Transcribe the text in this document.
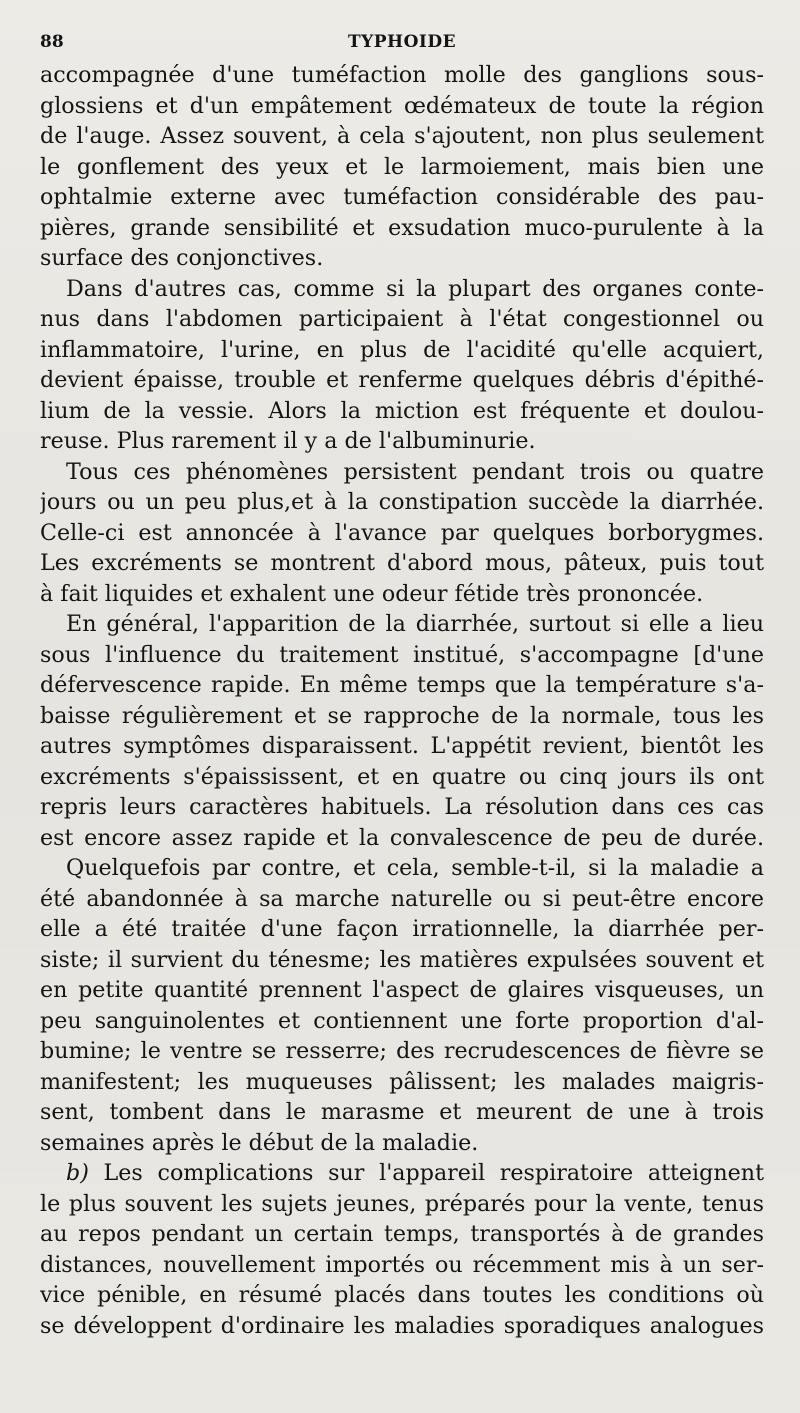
88	TYPHOIDE
accompagnée d'une tuméfaction molle des ganglions sous-
glossiens et d'un empâtement œdémateux de toute la région
de l'auge. Assez souvent, à cela s'ajoutent, non plus seulement
le gonflement des yeux et le larmoiement, mais bien une
ophtalmie externe avec tuméfaction considérable des pau-
pières, grande sensibilité et exsudation muco-purulente à la
surface des conjonctives.
Dans d'autres cas, comme si la plupart des organes conte-
nus dans l'abdomen participaient à l'état congestionnel ou
inflammatoire, l'urine, en plus de l'acidité qu'elle acquiert,
devient épaisse, trouble et renferme quelques débris d'épithé-
lium de la vessie. Alors la miction est fréquente et doulou-
reuse. Plus rarement il y a de l'albuminurie.
Tous ces phénomènes persistent pendant trois ou quatre
jours ou un peu plus,et à la constipation succède la diarrhée.
Celle-ci est annoncée à l'avance par quelques borborygmes.
Les excréments se montrent d'abord mous, pâteux, puis tout
à fait liquides et exhalent une odeur fétide très prononcée.
En général, l'apparition de la diarrhée, surtout si elle a lieu
sous l'influence du traitement institué, s'accompagne [d'une
défervescence rapide. En même temps que la température s'a-
baisse régulièrement et se rapproche de la normale, tous les
autres symptômes disparaissent. L'appétit revient, bientôt les
excréments s'épaississent, et en quatre ou cinq jours ils ont
repris leurs caractères habituels. La résolution dans ces cas
est encore assez rapide et la convalescence de peu de durée.
Quelquefois par contre, et cela, semble-t-il, si la maladie a
été abandonnée à sa marche naturelle ou si peut-être encore
elle a été traitée d'une façon irrationnelle, la diarrhée per-
siste; il survient du ténesme; les matières expulsées souvent et
en petite quantité prennent l'aspect de glaires visqueuses, un
peu sanguinolentes et contiennent une forte proportion d'al-
bumine; le ventre se resserre; des recrudescences de fièvre se
manifestent; les muqueuses pâlissent; les malades maigris-
sent, tombent dans le marasme et meurent de une à trois
semaines après le début de la maladie.
b) Les complications sur l'appareil respiratoire atteignent
le plus souvent les sujets jeunes, préparés pour la vente, tenus
au repos pendant un certain temps, transportés à de grandes
distances, nouvellement importés ou récemment mis à un ser-
vice pénible, en résumé placés dans toutes les conditions où
se développent d'ordinaire les maladies sporadiques analogues
